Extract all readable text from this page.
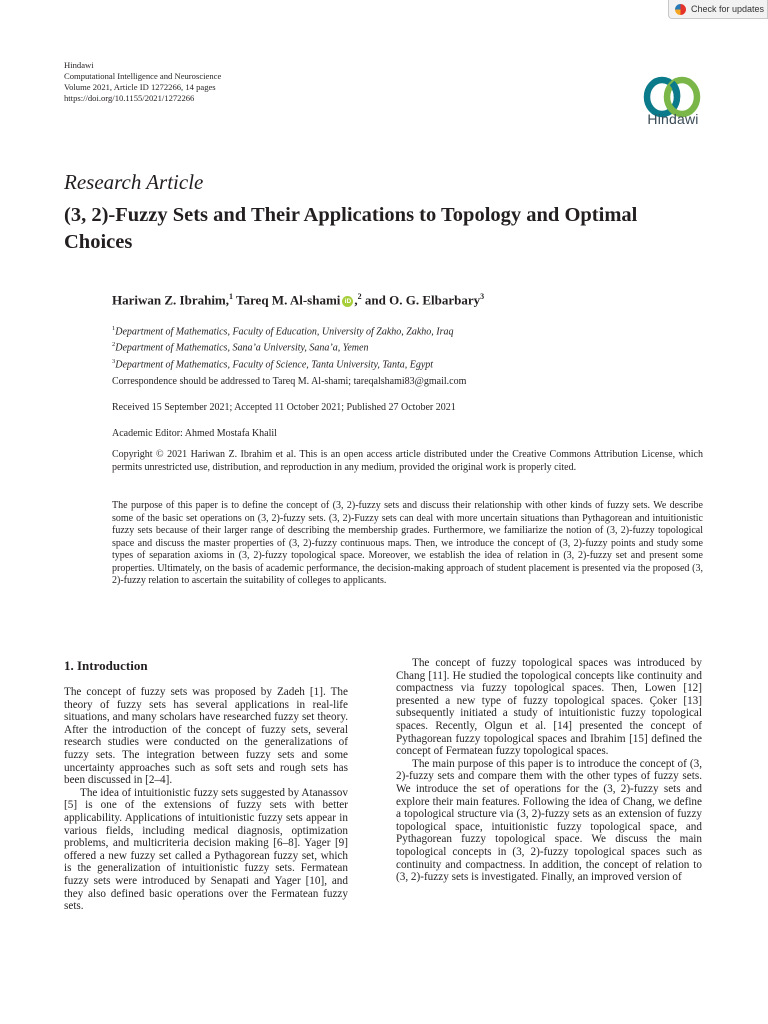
Check for updates
Hindawi
Computational Intelligence and Neuroscience
Volume 2021, Article ID 1272266, 14 pages
https://doi.org/10.1155/2021/1272266
Hindawi
Research Article
(3, 2)-Fuzzy Sets and Their Applications to Topology and Optimal Choices
Hariwan Z. Ibrahim,$^1$ Tareq M. Al-shami iD ,$^2$ and O. G. Elbarbary$^3$
$^1$Department of Mathematics, Faculty of Education, University of Zakho, Zakho, Iraq
$^2$Department of Mathematics, Sana’a University, Sana’a, Yemen
$^3$Department of Mathematics, Faculty of Science, Tanta University, Tanta, Egypt
Correspondence should be addressed to Tareq M. Al-shami; tareqalshami83@gmail.com
Received 15 September 2021; Accepted 11 October 2021; Published 27 October 2021
Academic Editor: Ahmed Mostafa Khalil
Copyright © 2021 Hariwan Z. Ibrahim et al. This is an open access article distributed under the Creative Commons Attribution License, which permits unrestricted use, distribution, and reproduction in any medium, provided the original work is properly cited.
The purpose of this paper is to define the concept of (3, 2)-fuzzy sets and discuss their relationship with other kinds of fuzzy sets. We describe some of the basic set operations on (3, 2)-fuzzy sets. (3, 2)-Fuzzy sets can deal with more uncertain situations than Pythagorean and intuitionistic fuzzy sets because of their larger range of describing the membership grades. Furthermore, we familiarize the notion of (3, 2)-fuzzy topological space and discuss the master properties of (3, 2)-fuzzy continuous maps. Then, we introduce the concept of (3, 2)-fuzzy points and study some types of separation axioms in (3, 2)-fuzzy topological space. Moreover, we establish the idea of relation in (3, 2)-fuzzy set and present some properties. Ultimately, on the basis of academic performance, the decision-making approach of student placement is presented via the proposed (3, 2)-fuzzy relation to ascertain the suitability of colleges to applicants.
1. Introduction

The concept of fuzzy sets was proposed by Zadeh [1]. The theory of fuzzy sets has several applications in real-life situations, and many scholars have researched fuzzy set theory. After the introduction of the concept of fuzzy sets, several research studies were conducted on the generalizations of fuzzy sets. The integration between fuzzy sets and some uncertainty approaches such as soft sets and rough sets has been discussed in [2–4].

The idea of intuitionistic fuzzy sets suggested by Atanassov [5] is one of the extensions of fuzzy sets with better applicability. Applications of intuitionistic fuzzy sets appear in various fields, including medical diagnosis, optimization problems, and multicriteria decision making [6–8]. Yager [9] offered a new fuzzy set called a Pythagorean fuzzy set, which is the generalization of intuitionistic fuzzy sets. Fermatean fuzzy sets were introduced by Senapati and Yager [10], and they also defined basic operations over the Fermatean fuzzy sets.

The concept of fuzzy topological spaces was introduced by Chang [11]. He studied the topological concepts like continuity and compactness via fuzzy topological spaces. Then, Lowen [12] presented a new type of fuzzy topological spaces. Çoker [13] subsequently initiated a study of intuitionistic fuzzy topological spaces. Recently, Olgun et al. [14] presented the concept of Pythagorean fuzzy topological spaces and Ibrahim [15] defined the concept of Fermatean fuzzy topological spaces.

The main purpose of this paper is to introduce the concept of (3, 2)-fuzzy sets and compare them with the other types of fuzzy sets. We introduce the set of operations for the (3, 2)-fuzzy sets and explore their main features. Following the idea of Chang, we define a topological structure via (3, 2)-fuzzy sets as an extension of fuzzy topological space, intuitionistic fuzzy topological space, and Pythagorean fuzzy topological space. We discuss the main topological concepts in (3, 2)-fuzzy topological spaces such as continuity and compactness. In addition, the concept of relation to (3, 2)-fuzzy sets is investigated. Finally, an improved version of
